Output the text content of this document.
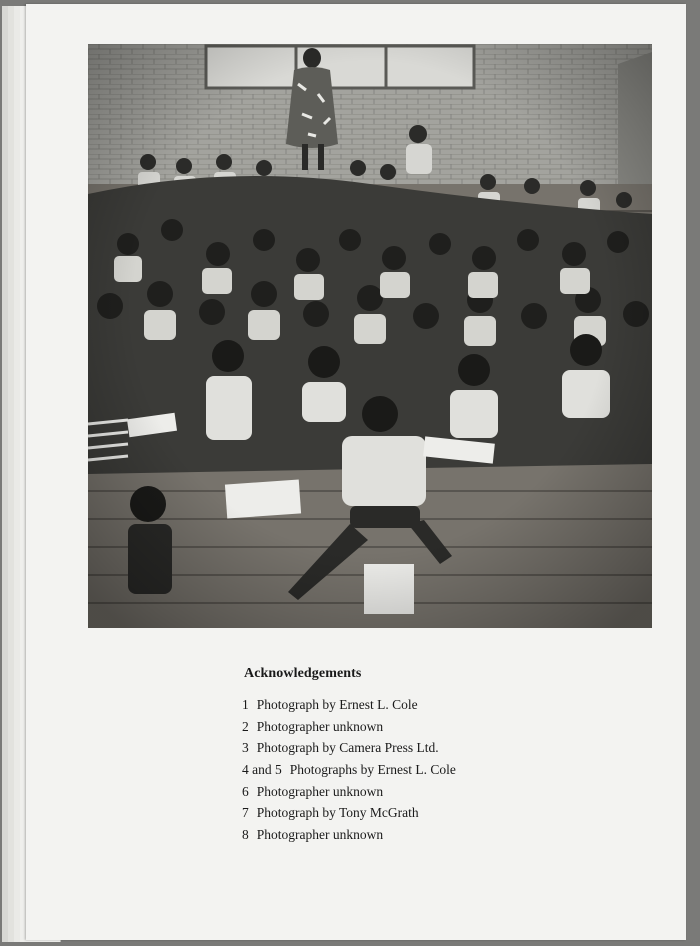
Acknowledgements
1 Photograph by Ernest L. Cole
2 Photographer unknown
3 Photograph by Camera Press Ltd.
4 and 5 Photographs by Ernest L. Cole
6 Photographer unknown
7 Photograph by Tony McGrath
8 Photographer unknown
